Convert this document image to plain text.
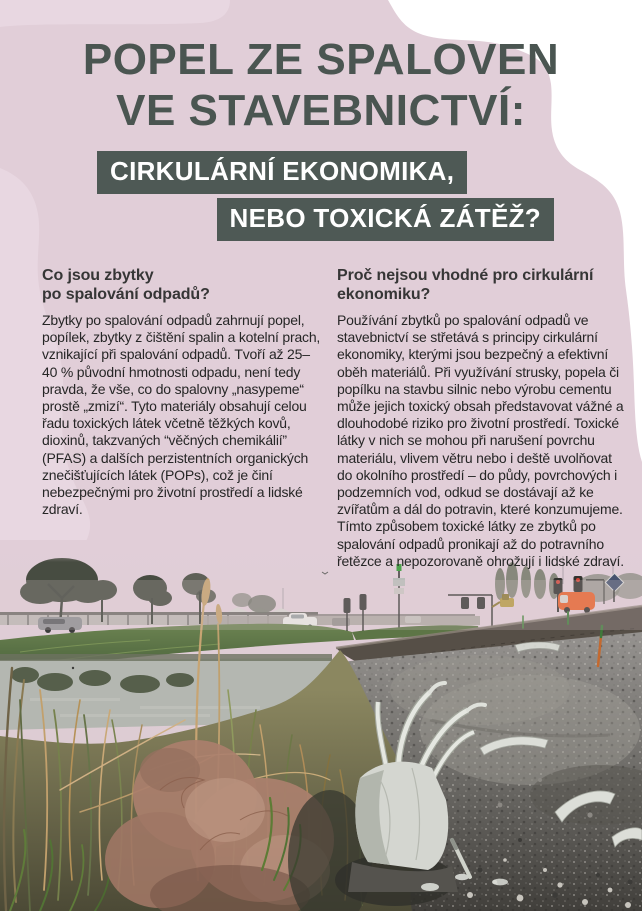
POPEL ZE SPALOVEN
VE STAVEBNICTVÍ:
CIRKULÁRNÍ EKONOMIKA,
NEBO TOXICKÁ ZÁTĚŽ?
Co jsou zbytky
po spalování odpadů?

Zbytky po spalování odpadů zahrnují popel, popílek, zbytky z čištění spalin a kotelní prach, vznikající při spalování odpadů. Tvoří až 25–40 % původní hmotnosti odpadu, není tedy pravda, že vše, co do spalovny „nasypeme“ prostě „zmizí“. Tyto materiály obsahují celou řadu toxických látek včetně těžkých kovů, dioxinů, takzvaných “věčných chemikálií” (PFAS) a dalších perzistentních organických znečišťujících látek (POPs), což je činí nebezpečnými pro životní prostředí a lidské zdraví.

Proč nejsou vhodné pro cirkulární
ekonomiku?

Používání zbytků po spalování odpadů ve stavebnictví se střetává s principy cirkulární ekonomiky, kterými jsou bezpečný a efektivní oběh materiálů. Při využívání strusky, popela či popílku na stavbu silnic nebo výrobu cementu může jejich toxický obsah představovat vážné a dlouhodobé riziko pro životní prostředí. Toxické látky v nich se mohou při narušení povrchu materiálu, vlivem větru nebo i deště uvolňovat do okolního prostředí – do půdy, povrchových i podzemních vod, odkud se dostávají až ke zvířatům a dál do potravin, které konzumujeme. Tímto způsobem toxické látky ze zbytků po spalování odpadů pronikají až do potravního řetězce a nepozorovaně ohrožují i lidské zdraví.
